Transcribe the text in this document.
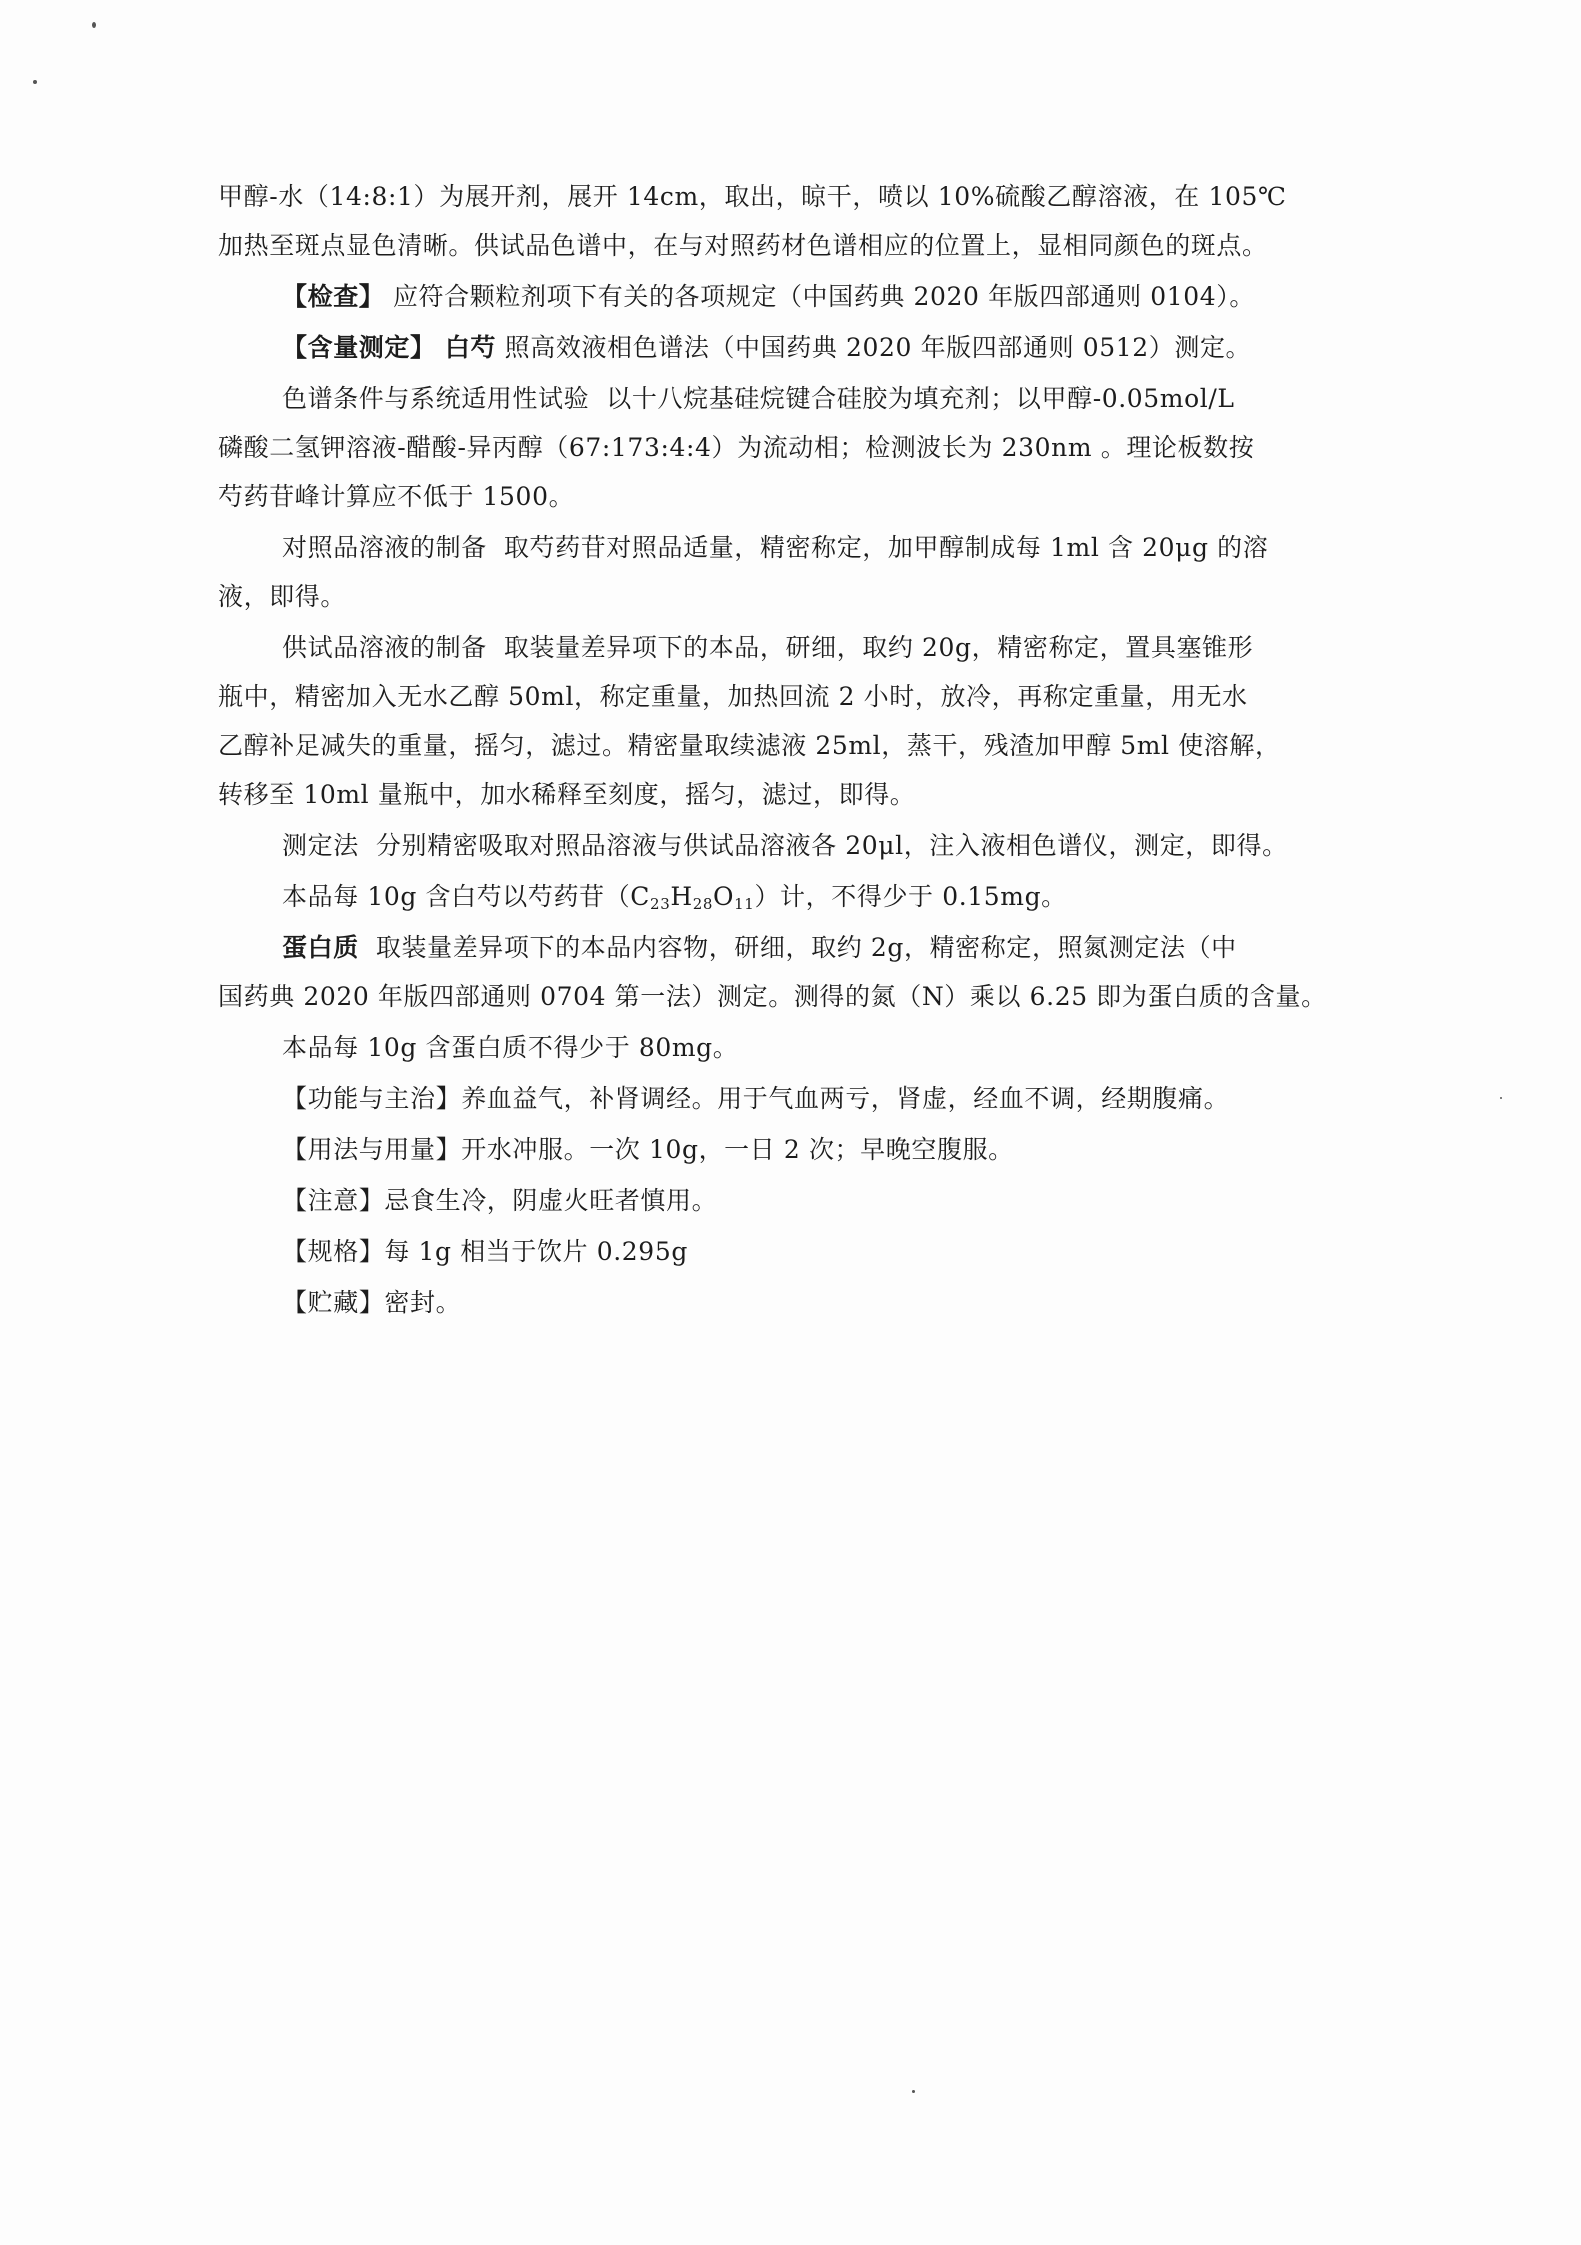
甲醇-水（14:8:1）为展开剂，展开 14cm，取出，晾干，喷以 10%硫酸乙醇溶液，在 105℃
加热至斑点显色清晰。供试品色谱中，在与对照药材色谱相应的位置上，显相同颜色的斑点。

【检查】 应符合颗粒剂项下有关的各项规定（中国药典 2020 年版四部通则 0104）。

【含量测定】 白芍 照高效液相色谱法（中国药典 2020 年版四部通则 0512）测定。

色谱条件与系统适用性试验  以十八烷基硅烷键合硅胶为填充剂；以甲醇-0.05mol/L
磷酸二氢钾溶液-醋酸-异丙醇（67:173:4:4）为流动相；检测波长为 230nm 。理论板数按
芍药苷峰计算应不低于 1500。

对照品溶液的制备  取芍药苷对照品适量，精密称定，加甲醇制成每 1ml 含 20μg 的溶
液，即得。

供试品溶液的制备  取装量差异项下的本品，研细，取约 20g，精密称定，置具塞锥形
瓶中，精密加入无水乙醇 50ml，称定重量，加热回流 2 小时，放冷，再称定重量，用无水
乙醇补足减失的重量，摇匀，滤过。精密量取续滤液 25ml，蒸干，残渣加甲醇 5ml 使溶解，
转移至 10ml 量瓶中，加水稀释至刻度，摇匀，滤过，即得。

测定法  分别精密吸取对照品溶液与供试品溶液各 20μl，注入液相色谱仪，测定，即得。

本品每 10g 含白芍以芍药苷$(C_{23}H_{28}O_{11})$计，不得少于 0.15mg。

蛋白质  取装量差异项下的本品内容物，研细，取约 2g，精密称定，照氮测定法（中
国药典 2020 年版四部通则 0704 第一法）测定。测得的氮（N）乘以 6.25 即为蛋白质的含量。

本品每 10g 含蛋白质不得少于 80mg。

【功能与主治】养血益气，补肾调经。用于气血两亏，肾虚，经血不调，经期腹痛。

【用法与用量】开水冲服。一次 10g，一日 2 次；早晚空腹服。

【注意】忌食生冷，阴虚火旺者慎用。

【规格】每 1g 相当于饮片 0.295g

【贮藏】密封。
